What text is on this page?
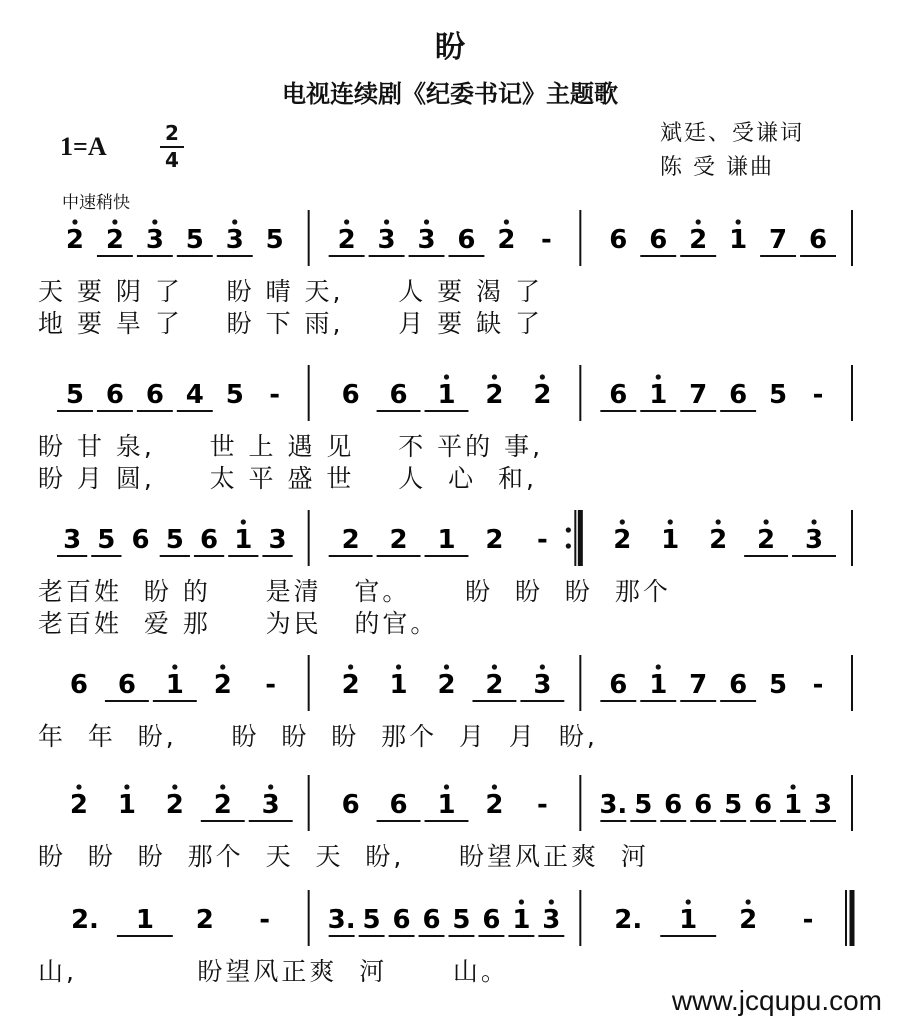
盼
电视连续剧《纪委书记》主题歌
1=A	2
4
斌廷、受谦词
陈 受 谦曲
中速稍快
2 2 3 5 3 5 2 3 3 6 2 - 6 6 2 1 7 6
天 要 阴 了    盼 晴 天,     人 要 渴 了
地 要 旱 了    盼 下 雨,     月 要 缺 了
5 6 6 4 5 - 6 6 1 2 2 6 1 7 6 5 -
盼 甘 泉,     世 上 遇 见    不 平的 事,
盼 月 圆,     太 平 盛 世    人  心  和,
3 5 6 5 6 1 3 2 2 1 2 -	2 1 2 2 3
老百姓  盼 的     是清   官。     盼  盼  盼  那个
老百姓  爱 那     为民   的官。
6 6 1 2 -	2 1 2 2 3 6 1 7 6 5 -
年  年  盼,     盼  盼  盼  那个  月  月  盼,
2 1 2 2 3 6 6 1 2 - 3. 5 6 6 5 6 1 3
盼  盼  盼  那个  天  天  盼,     盼望风正爽  河
2. 1 2 - 3. 5 6 6 5 6 1 3 2. 1 2 -
山,           盼望风正爽  河      山。
www.jcqupu.com
